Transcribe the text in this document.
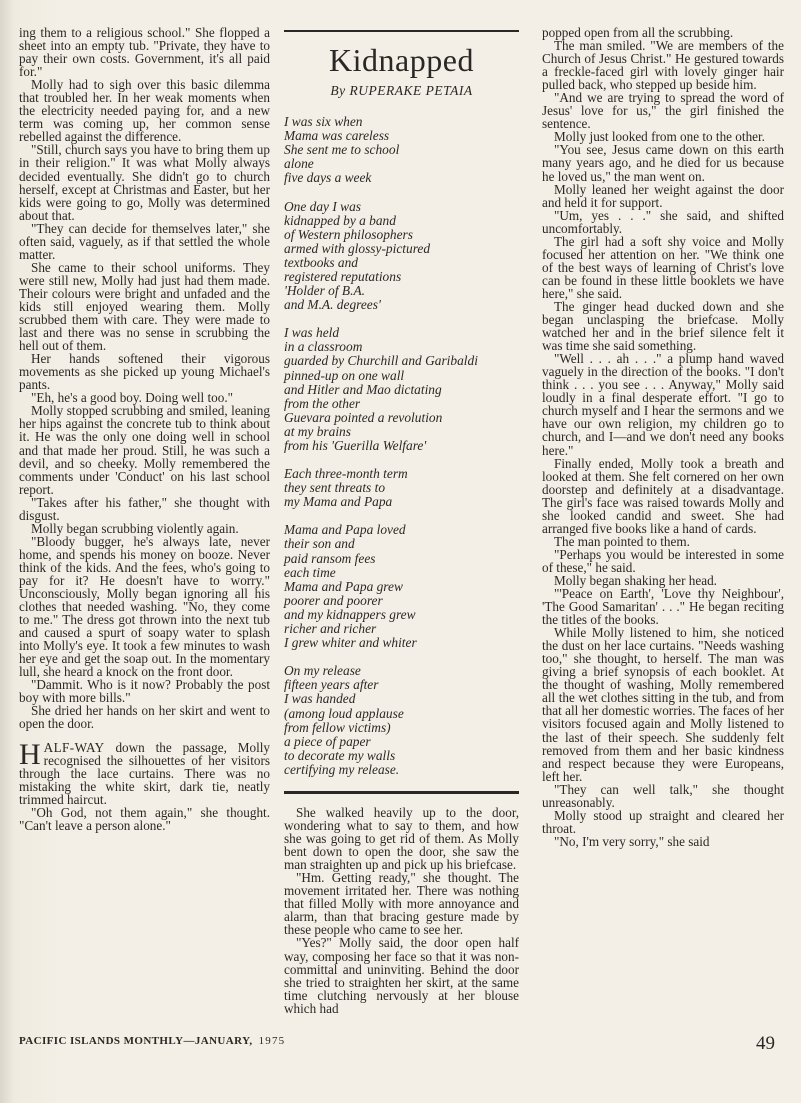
ing them to a religious school." She flopped a sheet into an empty tub. "Private, they have to pay their own costs. Government, it's all paid for."

Molly had to sigh over this basic dilemma that troubled her. In her weak moments when the electricity needed paying for, and a new term was coming up, her common sense rebelled against the difference.

"Still, church says you have to bring them up in their religion." It was what Molly always decided eventually. She didn't go to church herself, except at Christmas and Easter, but her kids were going to go, Molly was determined about that.

"They can decide for themselves later," she often said, vaguely, as if that settled the whole matter.

She came to their school uniforms. They were still new, Molly had just had them made. Their colours were bright and unfaded and the kids still enjoyed wearing them. Molly scrubbed them with care. They were made to last and there was no sense in scrubbing the hell out of them.

Her hands softened their vigorous movements as she picked up young Michael's pants.

"Eh, he's a good boy. Doing well too."

Molly stopped scrubbing and smiled, leaning her hips against the concrete tub to think about it. He was the only one doing well in school and that made her proud. Still, he was such a devil, and so cheeky. Molly remembered the comments under 'Conduct' on his last school report.

"Takes after his father," she thought with disgust.

Molly began scrubbing violently again.

"Bloody bugger, he's always late, never home, and spends his money on booze. Never think of the kids. And the fees, who's going to pay for it? He doesn't have to worry." Unconsciously, Molly began ignoring all his clothes that needed washing. "No, they come to me." The dress got thrown into the next tub and caused a spurt of soapy water to splash into Molly's eye. It took a few minutes to wash her eye and get the soap out. In the momentary lull, she heard a knock on the front door.

"Dammit. Who is it now? Probably the post boy with more bills."

She dried her hands on her skirt and went to open the door.

HALF-WAY down the passage, Molly recognised the silhouettes of her visitors through the lace curtains. There was no mistaking the white skirt, dark tie, neatly trimmed haircut.

"Oh God, not them again," she thought. "Can't leave a person alone."

Kidnapped
By RUPERAKE PETAIA
I was six when
Mama was careless
She sent me to school
alone
five days a week
One day I was
kidnapped by a band
of Western philosophers
armed with glossy-pictured
textbooks and
registered reputations
'Holder of B.A.
and M.A. degrees'
I was held
in a classroom
guarded by Churchill and Garibaldi
pinned-up on one wall
and Hitler and Mao dictating
from the other
Guevara pointed a revolution
at my brains
from his 'Guerilla Welfare'
Each three-month term
they sent threats to
my Mama and Papa
Mama and Papa loved
their son and
paid ransom fees
each time
Mama and Papa grew
poorer and poorer
and my kidnappers grew
richer and richer
I grew whiter and whiter
On my release
fifteen years after
I was handed
(among loud applause
from fellow victims)
a piece of paper
to decorate my walls
certifying my release.

She walked heavily up to the door, wondering what to say to them, and how she was going to get rid of them. As Molly bent down to open the door, she saw the man straighten up and pick up his briefcase.

"Hm. Getting ready," she thought. The movement irritated her. There was nothing that filled Molly with more annoyance and alarm, than that bracing gesture made by these people who came to see her.

"Yes?" Molly said, the door open half way, composing her face so that it was non-committal and uninviting. Behind the door she tried to straighten her skirt, at the same time clutching nervously at her blouse which had

popped open from all the scrubbing.

The man smiled. "We are members of the Church of Jesus Christ." He gestured towards a freckle-faced girl with lovely ginger hair pulled back, who stepped up beside him.

"And we are trying to spread the word of Jesus' love for us," the girl finished the sentence.

Molly just looked from one to the other.

"You see, Jesus came down on this earth many years ago, and he died for us because he loved us," the man went on.

Molly leaned her weight against the door and held it for support.

"Um, yes . . ." she said, and shifted uncomfortably.

The girl had a soft shy voice and Molly focused her attention on her. "We think one of the best ways of learning of Christ's love can be found in these little booklets we have here," she said.

The ginger head ducked down and she began unclasping the briefcase. Molly watched her and in the brief silence felt it was time she said something.

"Well . . . ah . . ." a plump hand waved vaguely in the direction of the books. "I don't think . . . you see . . . Anyway," Molly said loudly in a final desperate effort. "I go to church myself and I hear the sermons and we have our own religion, my children go to church, and I—and we don't need any books here."

Finally ended, Molly took a breath and looked at them. She felt cornered on her own doorstep and definitely at a disadvantage. The girl's face was raised towards Molly and she looked candid and sweet. She had arranged five books like a hand of cards.

The man pointed to them.

"Perhaps you would be interested in some of these," he said.

Molly began shaking her head.

"'Peace on Earth', 'Love thy Neighbour', 'The Good Samaritan' . . ." He began reciting the titles of the books.

While Molly listened to him, she noticed the dust on her lace curtains. "Needs washing too," she thought, to herself. The man was giving a brief synopsis of each booklet. At the thought of washing, Molly remembered all the wet clothes sitting in the tub, and from that all her domestic worries. The faces of her visitors focused again and Molly listened to the last of their speech. She suddenly felt removed from them and her basic kindness and respect because they were Europeans, left her.

"They can well talk," she thought unreasonably.

Molly stood up straight and cleared her throat.

"No, I'm very sorry," she said

PACIFIC ISLANDS MONTHLY—JANUARY, 1975	49
